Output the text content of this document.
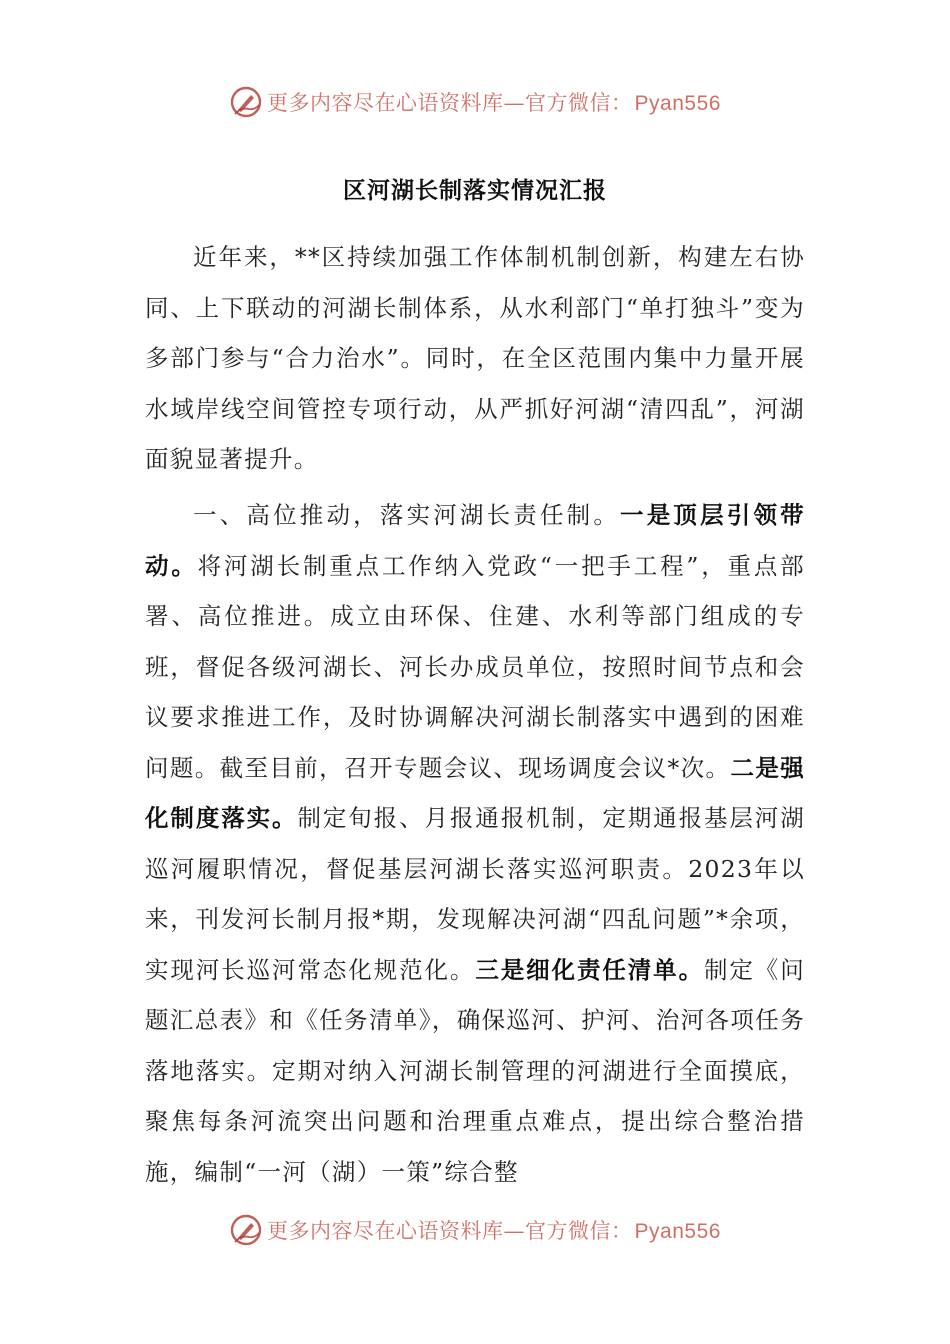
更多内容尽在心语资料库—官方微信：Pyan556
区河湖长制落实情况汇报

近年来，**区持续加强工作体制机制创新，构建左右协同、上下联动的河湖长制体系，从水利部门“单打独斗”变为多部门参与“合力治水”。同时，在全区范围内集中力量开展水域岸线空间管控专项行动，从严抓好河湖“清四乱”，河湖面貌显著提升。

一、高位推动，落实河湖长责任制。一是顶层引领带动。将河湖长制重点工作纳入党政“一把手工程”，重点部署、高位推进。成立由环保、住建、水利等部门组成的专班，督促各级河湖长、河长办成员单位，按照时间节点和会议要求推进工作，及时协调解决河湖长制落实中遇到的困难问题。截至目前，召开专题会议、现场调度会议*次。二是强化制度落实。制定旬报、月报通报机制，定期通报基层河湖巡河履职情况，督促基层河湖长落实巡河职责。2023年以来，刊发河长制月报*期，发现解决河湖“四乱问题”*余项，实现河长巡河常态化规范化。三是细化责任清单。制定《问题汇总表》和《任务清单》，确保巡河、护河、治河各项任务落地落实。定期对纳入河湖长制管理的河湖进行全面摸底，聚焦每条河流突出问题和治理重点难点，提出综合整治措施，编制“一河（湖）一策”综合整

更多内容尽在心语资料库—官方微信：Pyan556
